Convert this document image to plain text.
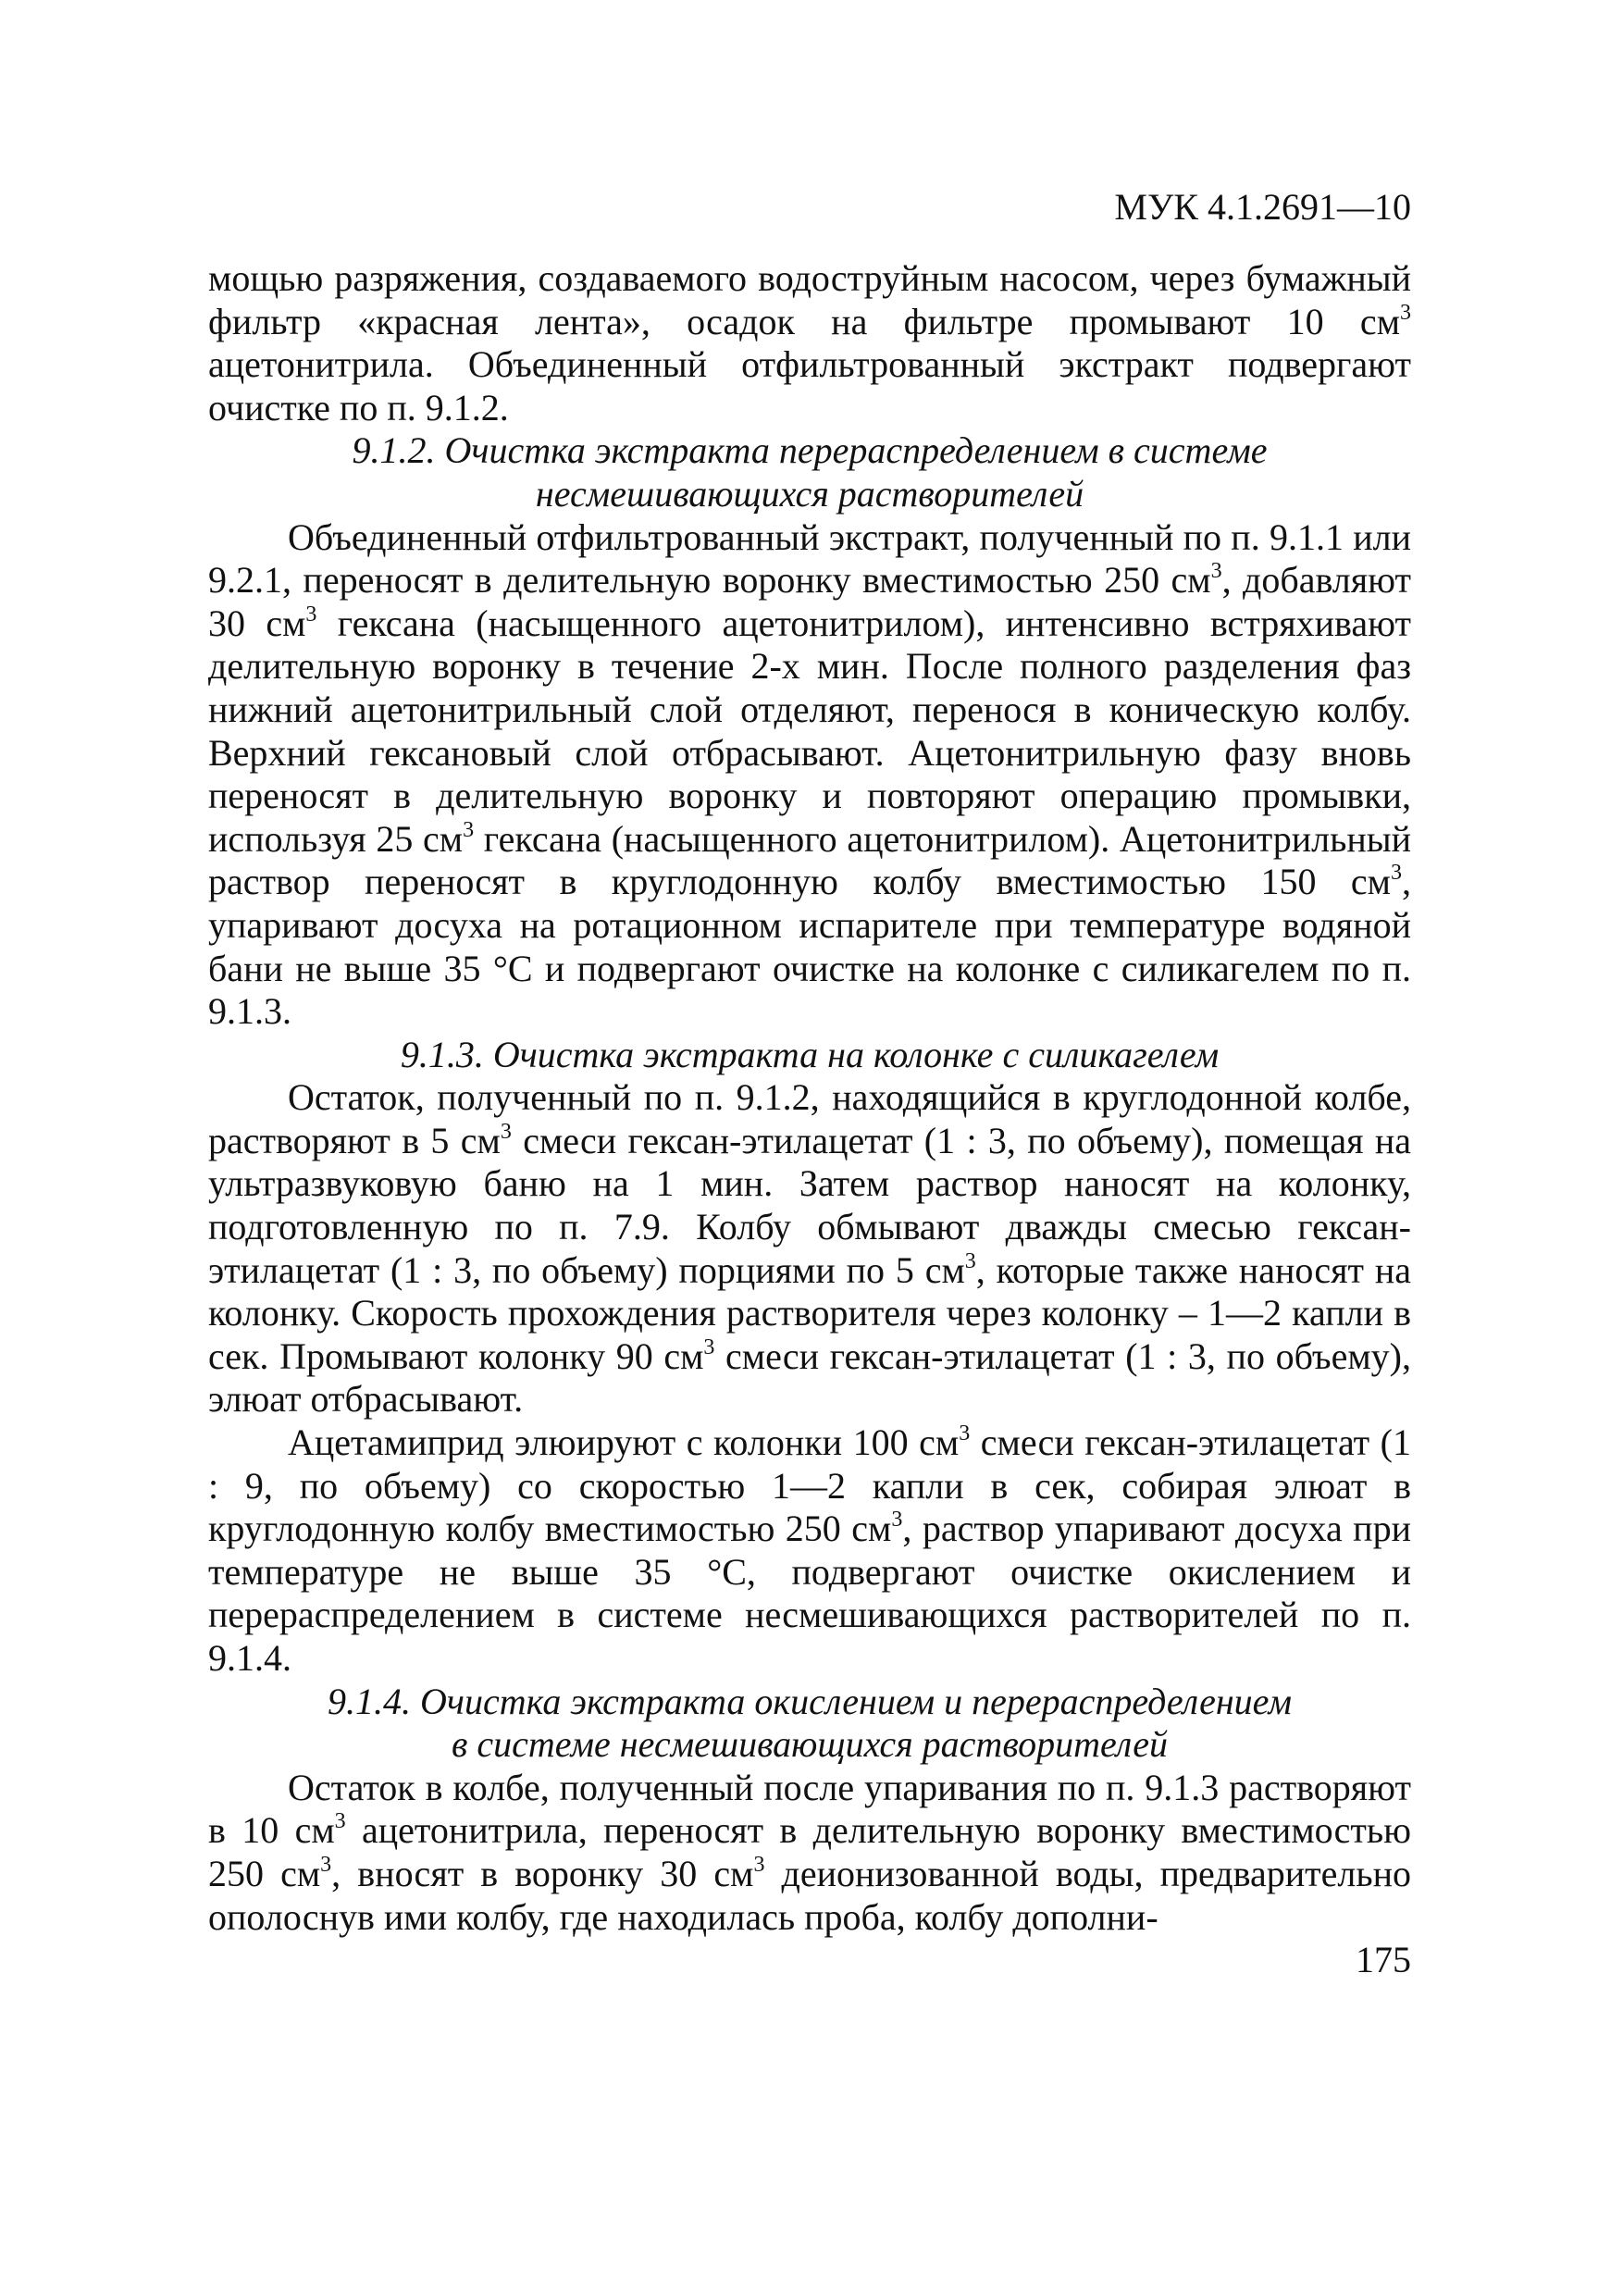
МУК 4.1.2691—10

мощью разряжения, создаваемого водоструйным насосом, через бумажный фильтр «красная лента», осадок на фильтре промывают 10 $см^3$ ацетонитрила. Объединенный отфильтрованный экстракт подвергают очистке по п. 9.1.2.

9.1.2. Очистка экстракта перераспределением в системе
несмешивающихся растворителей

Объединенный отфильтрованный экстракт, полученный по п. 9.1.1 или 9.2.1, переносят в делительную воронку вместимостью 250 $см^3$, добавляют 30 $см^3$ гексана (насыщенного ацетонитрилом), интенсивно встряхивают делительную воронку в течение 2-х мин. После полного разделения фаз нижний ацетонитрильный слой отделяют, перенося в коническую колбу. Верхний гексановый слой отбрасывают. Ацетонитрильную фазу вновь переносят в делительную воронку и повторяют операцию промывки, используя 25 $см^3$ гексана (насыщенного ацетонитрилом). Ацетонитрильный раствор переносят в круглодонную колбу вместимостью 150 $см^3$, упаривают досуха на ротационном испарителе при температуре водяной бани не выше 35 °С и подвергают очистке на колонке с силикагелем по п. 9.1.3.

9.1.3. Очистка экстракта на колонке с силикагелем

Остаток, полученный по п. 9.1.2, находящийся в круглодонной колбе, растворяют в 5 $см^3$ смеси гексан-этилацетат (1 : 3, по объему), помещая на ультразвуковую баню на 1 мин. Затем раствор наносят на колонку, подготовленную по п. 7.9. Колбу обмывают дважды смесью гексан-этилацетат (1 : 3, по объему) порциями по 5 $см^3$, которые также наносят на колонку. Скорость прохождения растворителя через колонку – 1—2 капли в сек. Промывают колонку 90 $см^3$ смеси гексан-этилацетат (1 : 3, по объему), элюат отбрасывают.

Ацетамиприд элюируют с колонки 100 $см^3$ смеси гексан-этилацетат (1 : 9, по объему) со скоростью 1—2 капли в сек, собирая элюат в круглодонную колбу вместимостью 250 $см^3$, раствор упаривают досуха при температуре не выше 35 °С, подвергают очистке окислением и перераспределением в системе несмешивающихся растворителей по п. 9.1.4.

9.1.4. Очистка экстракта окислением и перераспределением
в системе несмешивающихся растворителей

Остаток в колбе, полученный после упаривания по п. 9.1.3 растворяют в 10 $см^3$ ацетонитрила, переносят в делительную воронку вместимостью 250 $см^3$, вносят в воронку 30 $см^3$ деионизованной воды, предварительно ополоснув ими колбу, где находилась проба, колбу дополни-

175
